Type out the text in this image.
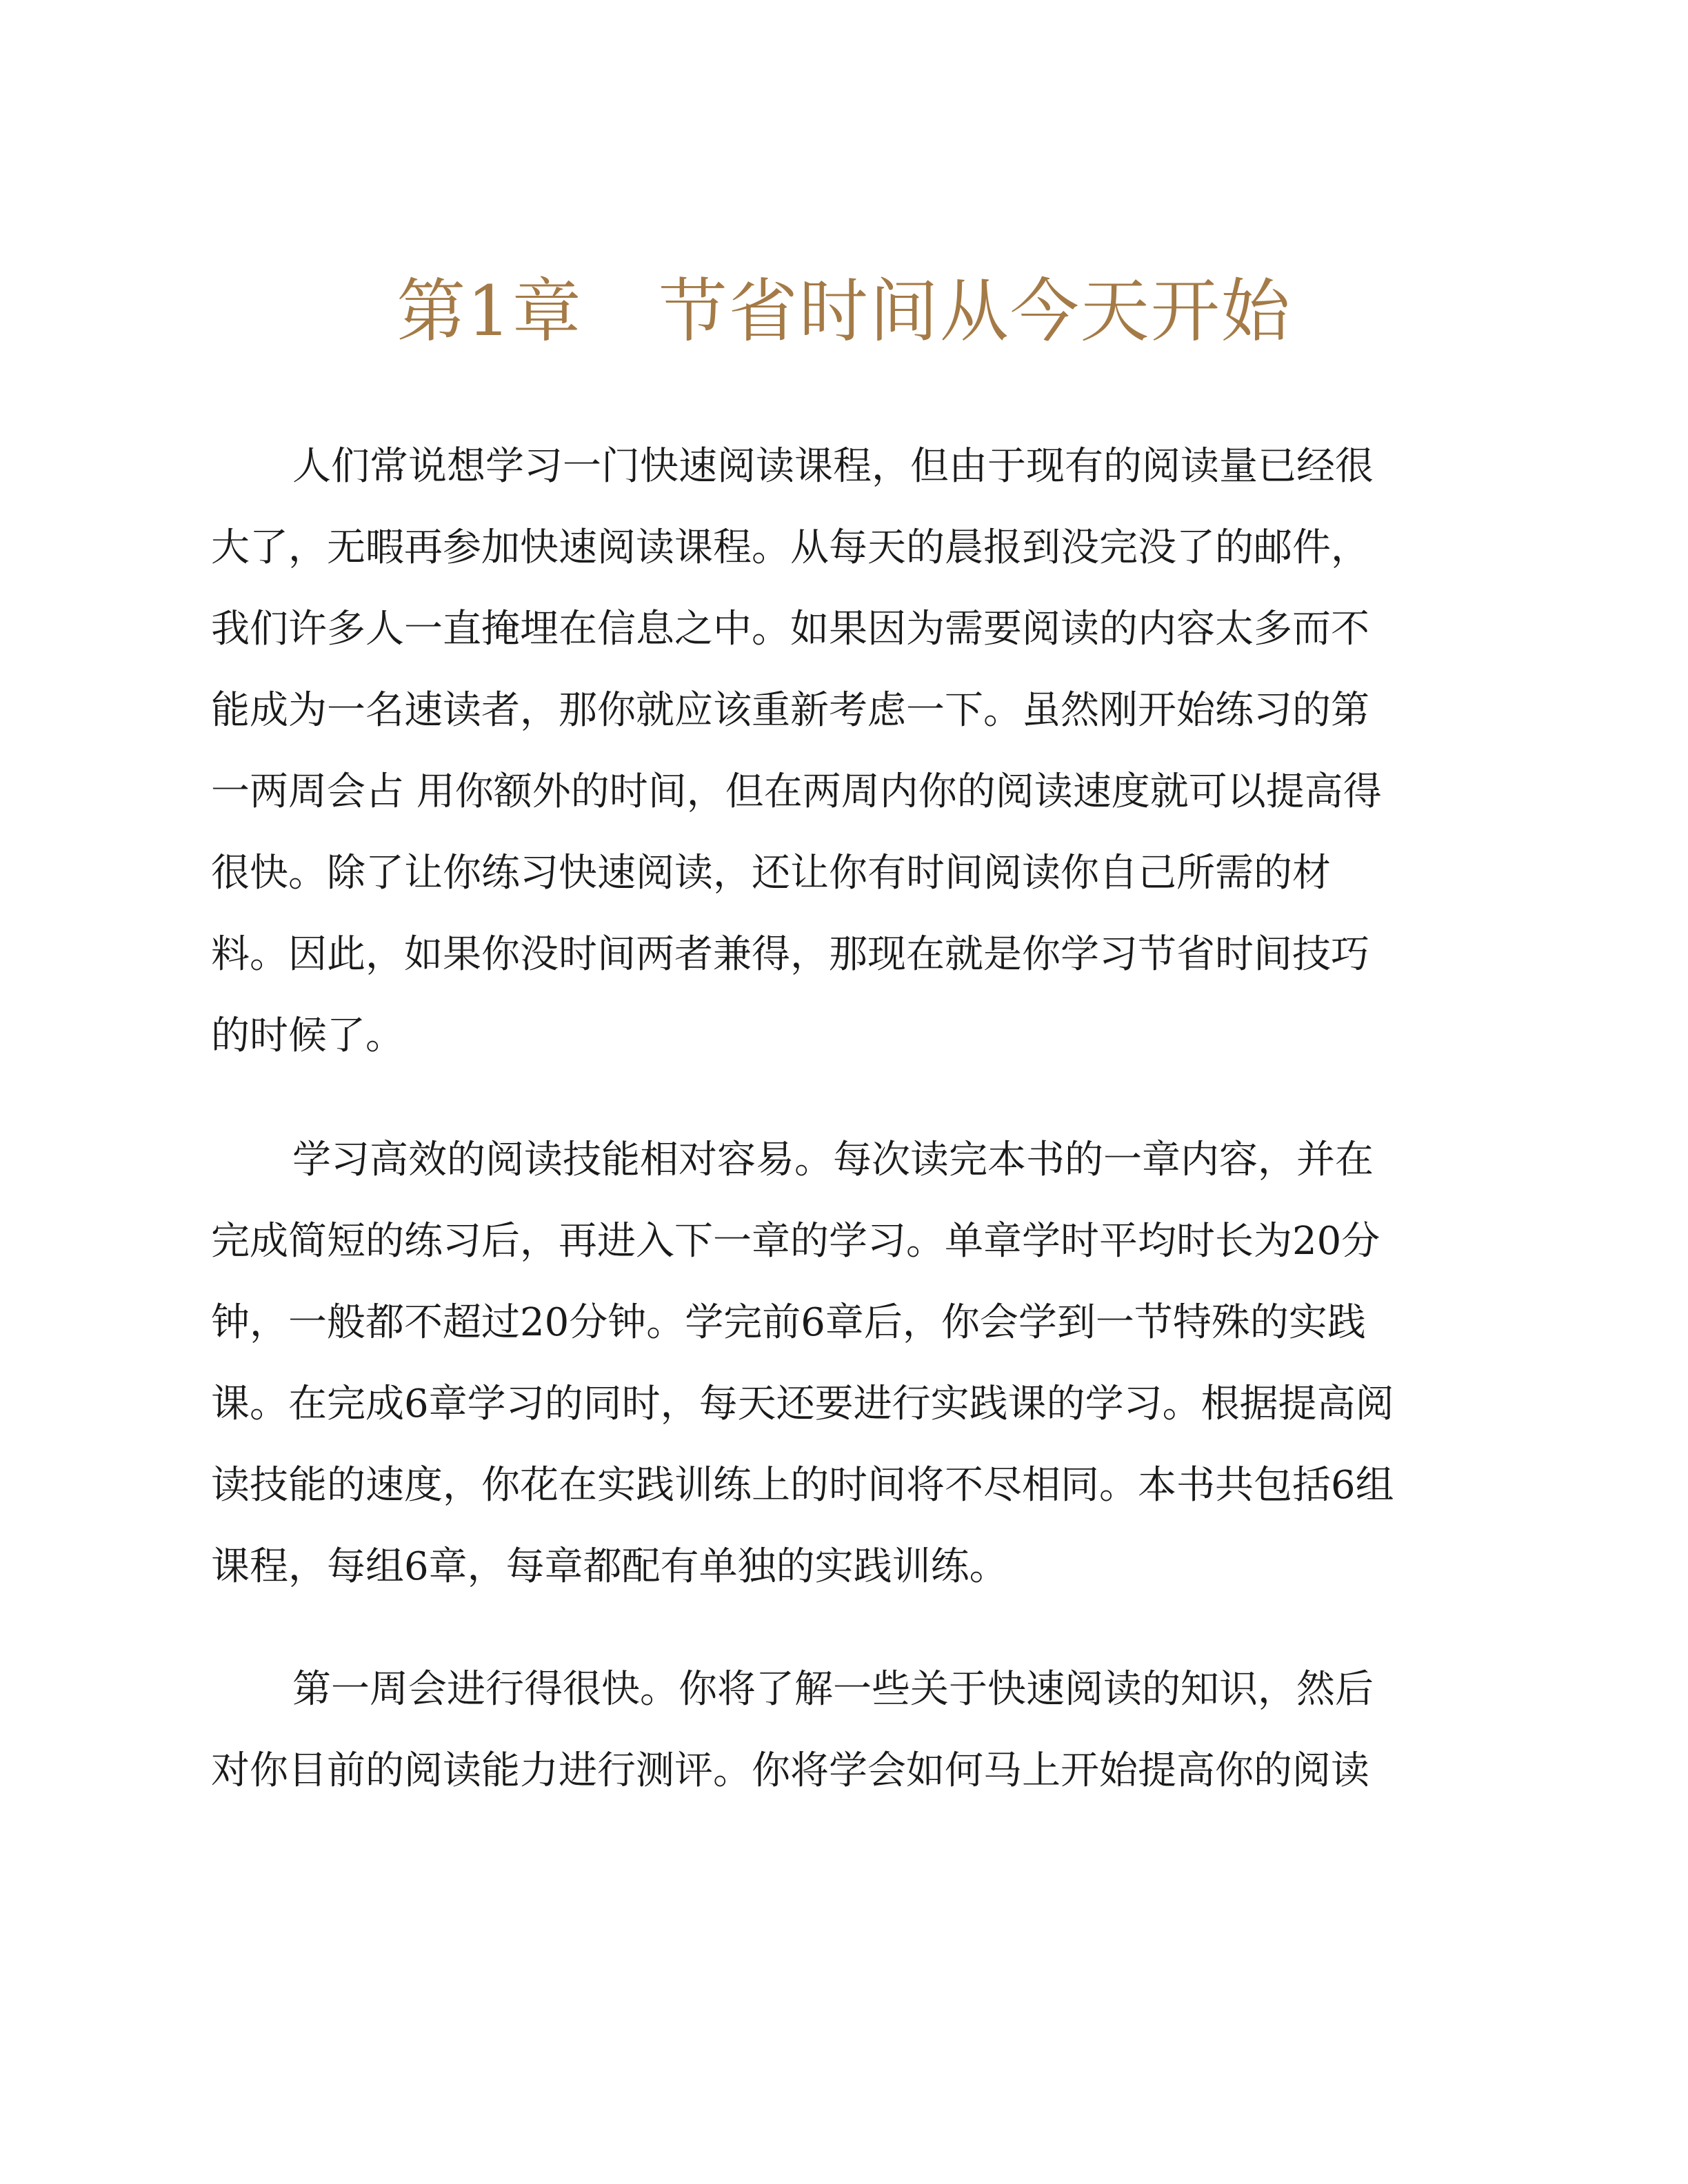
第1章 节省时间从今天开始
人们常说想学习一门快速阅读课程，但由于现有的阅读量已经很
大了，无暇再参加快速阅读课程。从每天的晨报到没完没了的邮件，
我们许多人一直掩埋在信息之中。如果因为需要阅读的内容太多而不
能成为一名速读者，那你就应该重新考虑一下。虽然刚开始练习的第
一两周会占 用你额外的时间，但在两周内你的阅读速度就可以提高得
很快。除了让你练习快速阅读，还让你有时间阅读你自己所需的材
料。因此，如果你没时间两者兼得，那现在就是你学习节省时间技巧
的时候了。
学习高效的阅读技能相对容易。每次读完本书的一章内容，并在
完成简短的练习后，再进入下一章的学习。单章学时平均时长为20分
钟，一般都不超过20分钟。学完前6章后，你会学到一节特殊的实践
课。在完成6章学习的同时，每天还要进行实践课的学习。根据提高阅
读技能的速度，你花在实践训练上的时间将不尽相同。本书共包括6组
课程，每组6章，每章都配有单独的实践训练。
第一周会进行得很快。你将了解一些关于快速阅读的知识，然后
对你目前的阅读能力进行测评。你将学会如何马上开始提高你的阅读
